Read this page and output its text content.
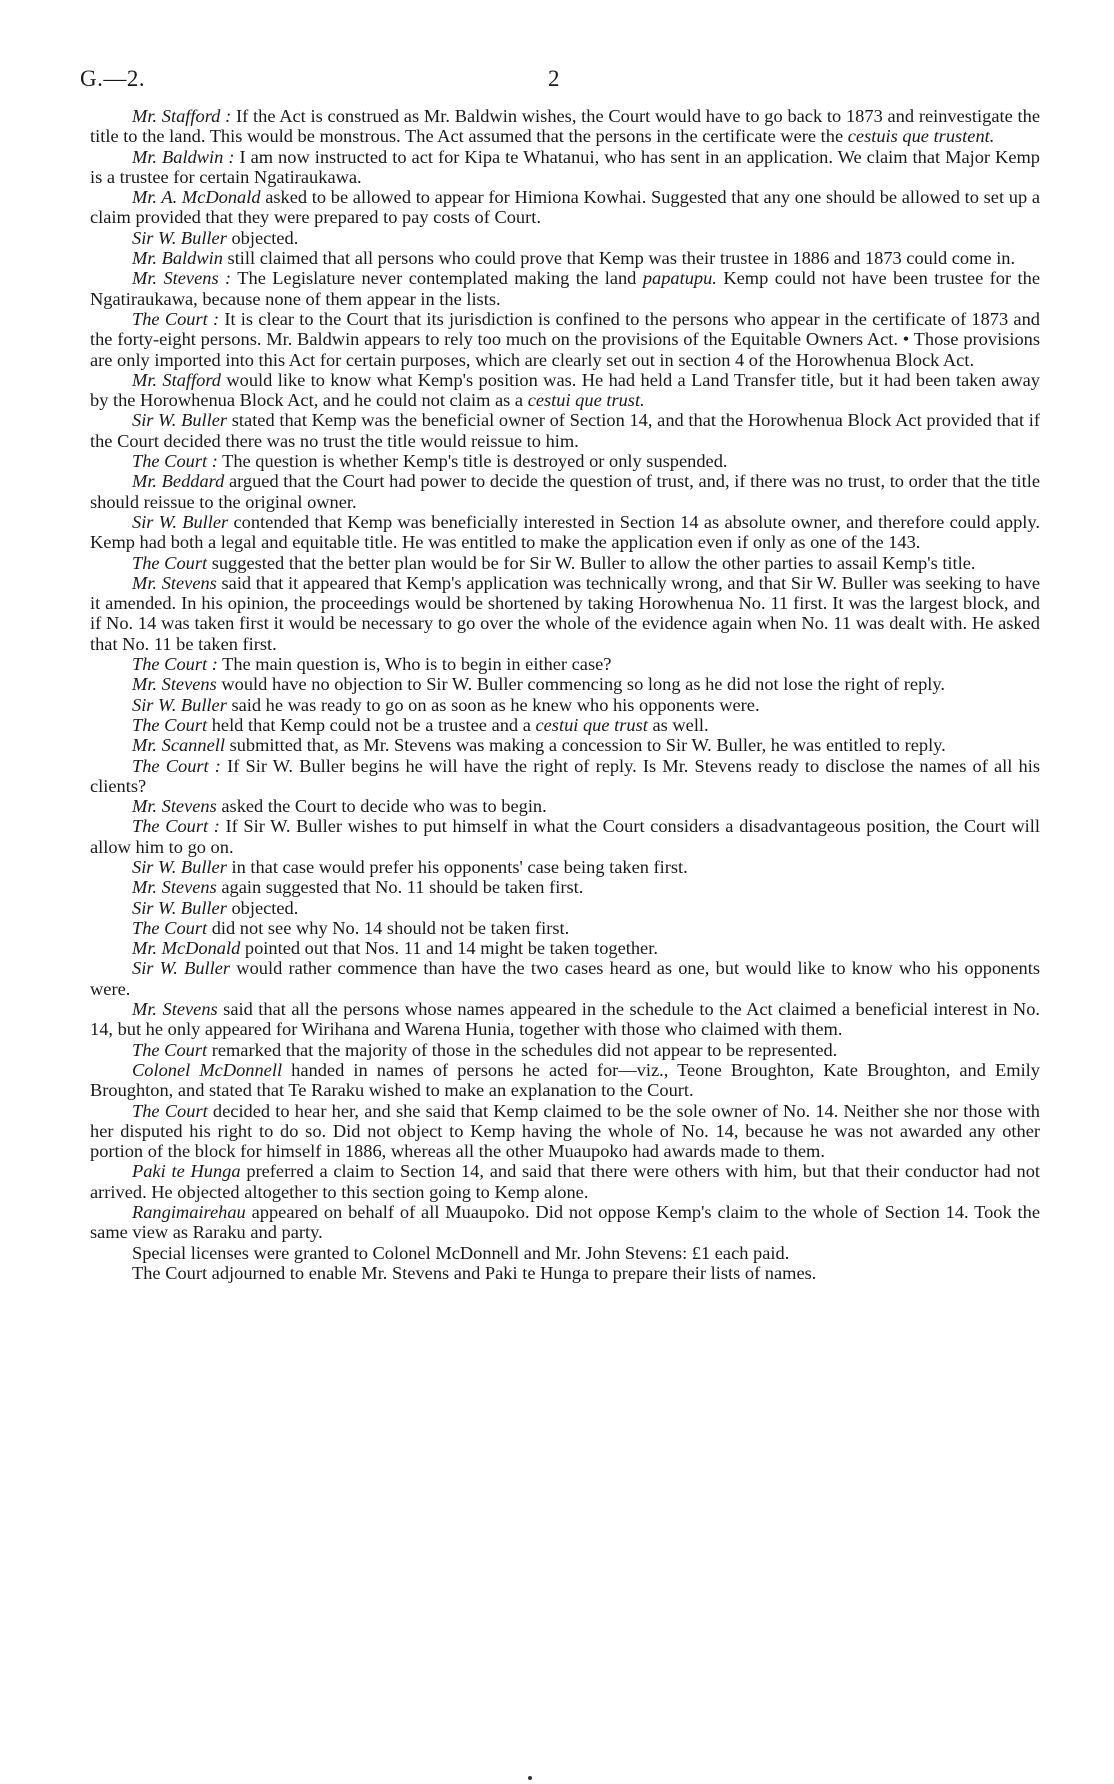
G.—2.	2

Mr. Stafford : If the Act is construed as Mr. Baldwin wishes, the Court would have to go back to 1873 and reinvestigate the title to the land. This would be monstrous. The Act assumed that the persons in the certificate were the cestuis que trustent.

Mr. Baldwin : I am now instructed to act for Kipa te Whatanui, who has sent in an application. We claim that Major Kemp is a trustee for certain Ngatiraukawa.

Mr. A. McDonald asked to be allowed to appear for Himiona Kowhai. Suggested that any one should be allowed to set up a claim provided that they were prepared to pay costs of Court.

Sir W. Buller objected.

Mr. Baldwin still claimed that all persons who could prove that Kemp was their trustee in 1886 and 1873 could come in.

Mr. Stevens : The Legislature never contemplated making the land papatupu. Kemp could not have been trustee for the Ngatiraukawa, because none of them appear in the lists.

The Court : It is clear to the Court that its jurisdiction is confined to the persons who appear in the certificate of 1873 and the forty-eight persons. Mr. Baldwin appears to rely too much on the provisions of the Equitable Owners Act. • Those provisions are only imported into this Act for certain purposes, which are clearly set out in section 4 of the Horowhenua Block Act.

Mr. Stafford would like to know what Kemp's position was. He had held a Land Transfer title, but it had been taken away by the Horowhenua Block Act, and he could not claim as a cestui que trust.

Sir W. Buller stated that Kemp was the beneficial owner of Section 14, and that the Horowhenua Block Act provided that if the Court decided there was no trust the title would reissue to him.

The Court : The question is whether Kemp's title is destroyed or only suspended.

Mr. Beddard argued that the Court had power to decide the question of trust, and, if there was no trust, to order that the title should reissue to the original owner.

Sir W. Buller contended that Kemp was beneficially interested in Section 14 as absolute owner, and therefore could apply. Kemp had both a legal and equitable title. He was entitled to make the application even if only as one of the 143.

The Court suggested that the better plan would be for Sir W. Buller to allow the other parties to assail Kemp's title.

Mr. Stevens said that it appeared that Kemp's application was technically wrong, and that Sir W. Buller was seeking to have it amended. In his opinion, the proceedings would be shortened by taking Horowhenua No. 11 first. It was the largest block, and if No. 14 was taken first it would be necessary to go over the whole of the evidence again when No. 11 was dealt with. He asked that No. 11 be taken first.

The Court : The main question is, Who is to begin in either case?

Mr. Stevens would have no objection to Sir W. Buller commencing so long as he did not lose the right of reply.

Sir W. Buller said he was ready to go on as soon as he knew who his opponents were.

The Court held that Kemp could not be a trustee and a cestui que trust as well.

Mr. Scannell submitted that, as Mr. Stevens was making a concession to Sir W. Buller, he was entitled to reply.

The Court : If Sir W. Buller begins he will have the right of reply. Is Mr. Stevens ready to disclose the names of all his clients?

Mr. Stevens asked the Court to decide who was to begin.

The Court : If Sir W. Buller wishes to put himself in what the Court considers a disadvantageous position, the Court will allow him to go on.

Sir W. Buller in that case would prefer his opponents' case being taken first.

Mr. Stevens again suggested that No. 11 should be taken first.

Sir W. Buller objected.

The Court did not see why No. 14 should not be taken first.

Mr. McDonald pointed out that Nos. 11 and 14 might be taken together.

Sir W. Buller would rather commence than have the two cases heard as one, but would like to know who his opponents were.

Mr. Stevens said that all the persons whose names appeared in the schedule to the Act claimed a beneficial interest in No. 14, but he only appeared for Wirihana and Warena Hunia, together with those who claimed with them.

The Court remarked that the majority of those in the schedules did not appear to be represented.

Colonel McDonnell handed in names of persons he acted for—viz., Teone Broughton, Kate Broughton, and Emily Broughton, and stated that Te Raraku wished to make an explanation to the Court.

The Court decided to hear her, and she said that Kemp claimed to be the sole owner of No. 14. Neither she nor those with her disputed his right to do so. Did not object to Kemp having the whole of No. 14, because he was not awarded any other portion of the block for himself in 1886, whereas all the other Muaupoko had awards made to them.

Paki te Hunga preferred a claim to Section 14, and said that there were others with him, but that their conductor had not arrived. He objected altogether to this section going to Kemp alone.

Rangimairehau appeared on behalf of all Muaupoko. Did not oppose Kemp's claim to the whole of Section 14. Took the same view as Raraku and party.

Special licenses were granted to Colonel McDonnell and Mr. John Stevens: £1 each paid.

The Court adjourned to enable Mr. Stevens and Paki te Hunga to prepare their lists of names.
